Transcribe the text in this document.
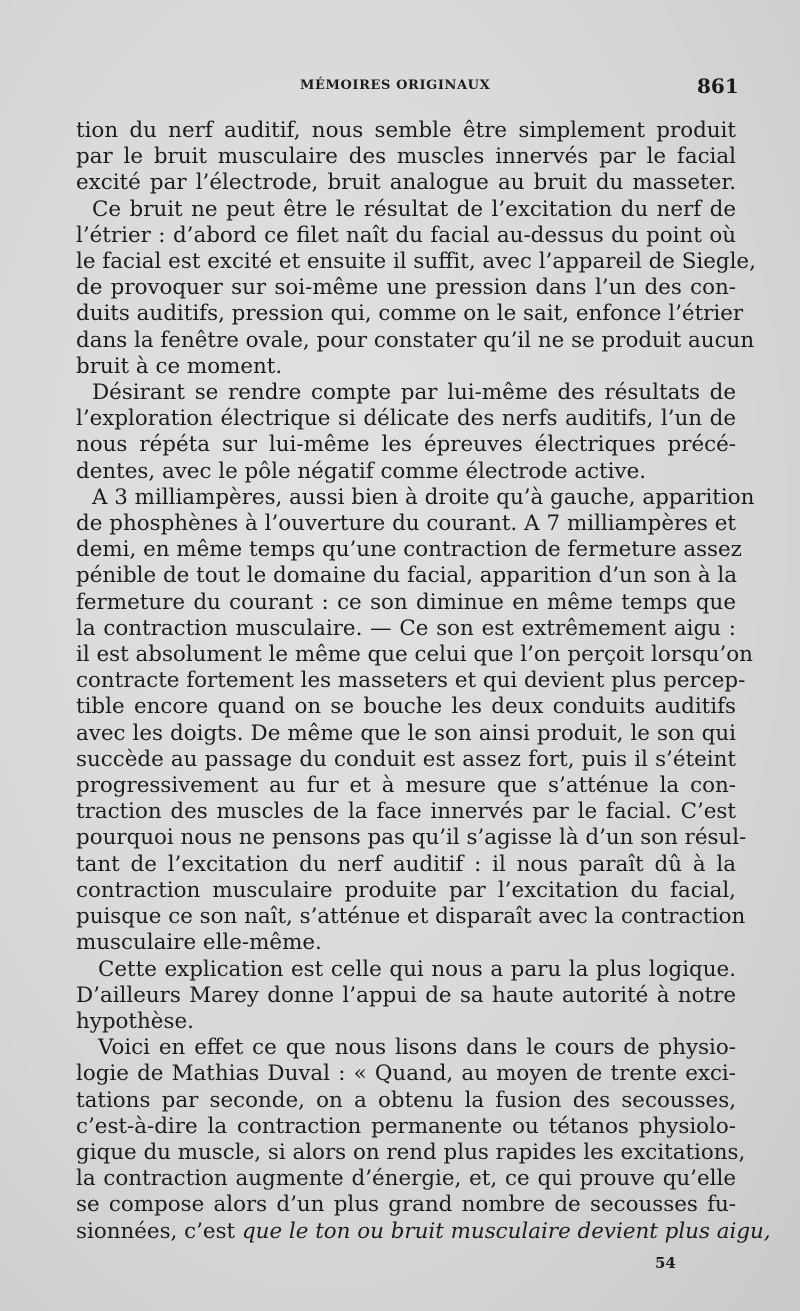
MÉMOIRES ORIGINAUX	861
tion du nerf auditif, nous semble être simplement produit
par le bruit musculaire des muscles innervés par le facial
excité par l’électrode, bruit analogue au bruit du masseter.
Ce bruit ne peut être le résultat de l’excitation du nerf de
l’étrier : d’abord ce filet naît du facial au-dessus du point où
le facial est excité et ensuite il suffit, avec l’appareil de Siegle,
de provoquer sur soi-même une pression dans l’un des con-
duits auditifs, pression qui, comme on le sait, enfonce l’étrier
dans la fenêtre ovale, pour constater qu’il ne se produit aucun
bruit à ce moment.
Désirant se rendre compte par lui-même des résultats de
l’exploration électrique si délicate des nerfs auditifs, l’un de
nous répéta sur lui-même les épreuves électriques précé-
dentes, avec le pôle négatif comme électrode active.
A 3 milliampères, aussi bien à droite qu’à gauche, apparition
de phosphènes à l’ouverture du courant. A 7 milliampères et
demi, en même temps qu’une contraction de fermeture assez
pénible de tout le domaine du facial, apparition d’un son à la
fermeture du courant : ce son diminue en même temps que
la contraction musculaire. — Ce son est extrêmement aigu :
il est absolument le même que celui que l’on perçoit lorsqu’on
contracte fortement les masseters et qui devient plus percep-
tible encore quand on se bouche les deux conduits auditifs
avec les doigts. De même que le son ainsi produit, le son qui
succède au passage du conduit est assez fort, puis il s’éteint
progressivement au fur et à mesure que s’atténue la con-
traction des muscles de la face innervés par le facial. C’est
pourquoi nous ne pensons pas qu’il s’agisse là d’un son résul-
tant de l’excitation du nerf auditif : il nous paraît dû à la
contraction musculaire produite par l’excitation du facial,
puisque ce son naît, s’atténue et disparaît avec la contraction
musculaire elle-même.
Cette explication est celle qui nous a paru la plus logique.
D’ailleurs Marey donne l’appui de sa haute autorité à notre
hypothèse.
Voici en effet ce que nous lisons dans le cours de physio-
logie de Mathias Duval : « Quand, au moyen de trente exci-
tations par seconde, on a obtenu la fusion des secousses,
c’est-à-dire la contraction permanente ou tétanos physiolo-
gique du muscle, si alors on rend plus rapides les excitations,
la contraction augmente d’énergie, et, ce qui prouve qu’elle
se compose alors d’un plus grand nombre de secousses fu-
sionnées, c’est que le ton ou bruit musculaire devient plus aigu,
54
